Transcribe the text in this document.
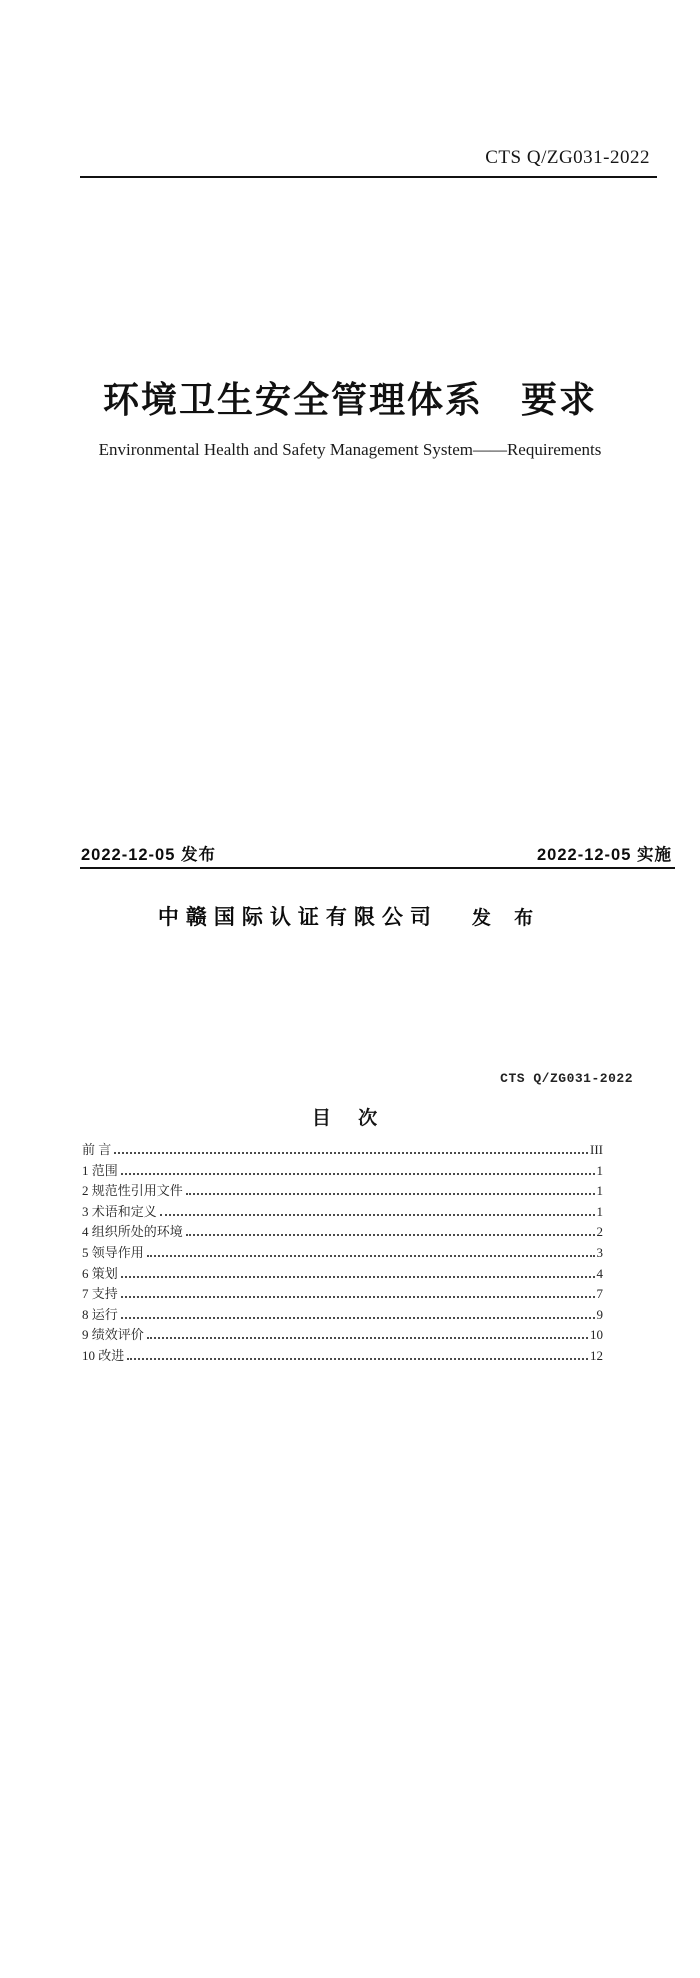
CTS Q/ZG031-2022
环境卫生安全管理体系　要求
Environmental Health and Safety Management System——Requirements
2022-12-05 发布	2022-12-05 实施
中赣国际认证有限公司 发 布
CTS Q/ZG031-2022
目 次
前 言	III
1 范围	1
2 规范性引用文件	1
3 术语和定义	1
4 组织所处的环境	2
5 领导作用	3
6 策划	4
7 支持	7
8 运行	9
9 绩效评价	10
10 改进	12
